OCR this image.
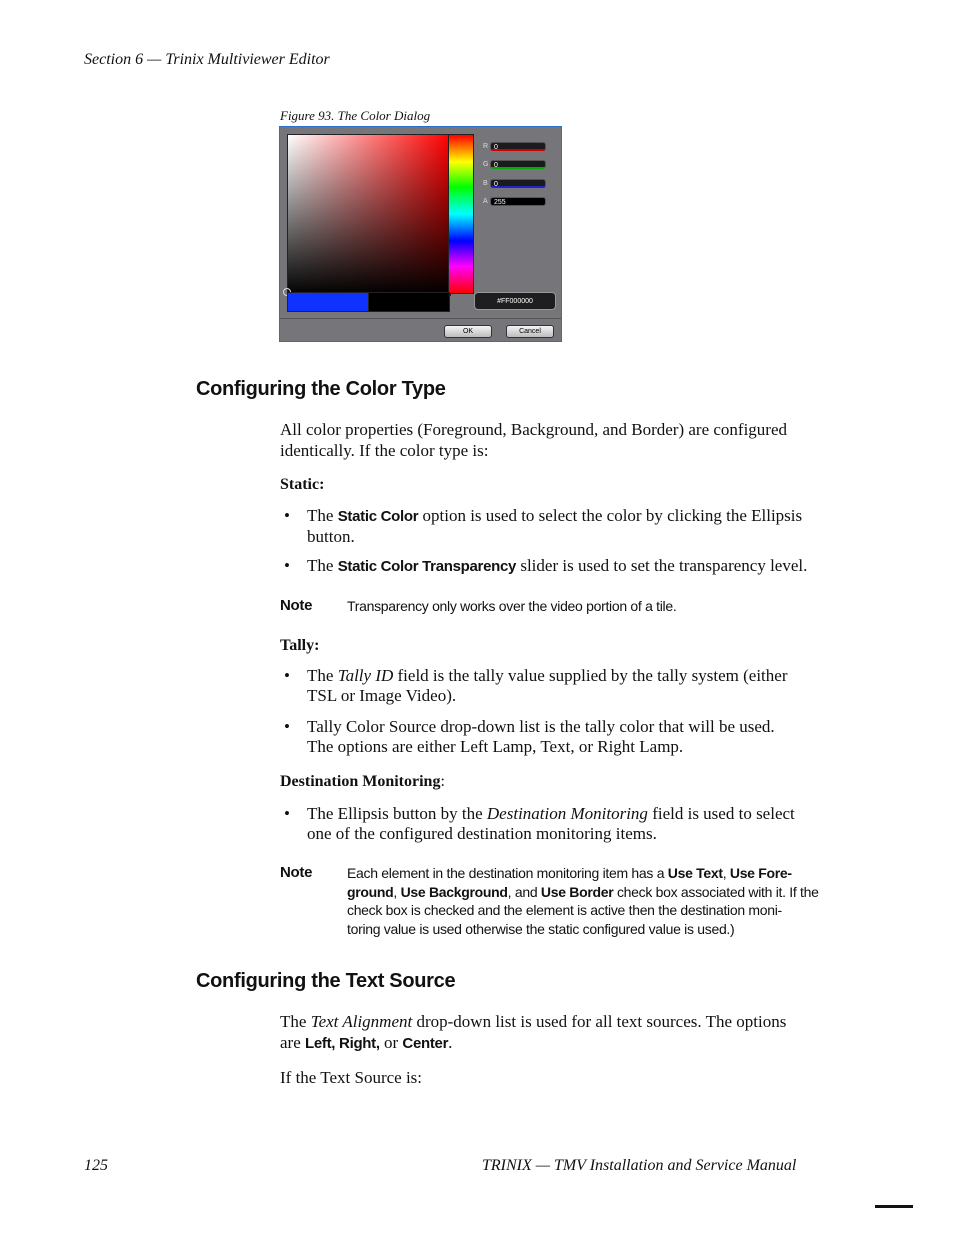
Section 6 — Trinix Multiviewer Editor
Figure 93. The Color Dialog
R 0
G 0
B 0
A 255
#FF000000
OK	Cancel
Configuring the Color Type
All color properties (Foreground, Background, and Border) are configured
identically. If the color type is:
Static:
• The Static Color option is used to select the color by clicking the Ellipsis
button.
• The Static Color Transparency slider is used to set the transparency level.
Note Transparency only works over the video portion of a tile.
Tally:
• The Tally ID field is the tally value supplied by the tally system (either
TSL or Image Video).
• Tally Color Source drop-down list is the tally color that will be used.
The options are either Left Lamp, Text, or Right Lamp.
Destination Monitoring:
• The Ellipsis button by the Destination Monitoring field is used to select
one of the configured destination monitoring items.
Note Each element in the destination monitoring item has a Use Text, Use Fore-
ground, Use Background, and Use Border check box associated with it. If the
check box is checked and the element is active then the destination moni-
toring value is used otherwise the static configured value is used.)
Configuring the Text Source
The Text Alignment drop-down list is used for all text sources. The options
are Left, Right, or Center.
If the Text Source is:
125	TRINIX — TMV Installation and Service Manual
